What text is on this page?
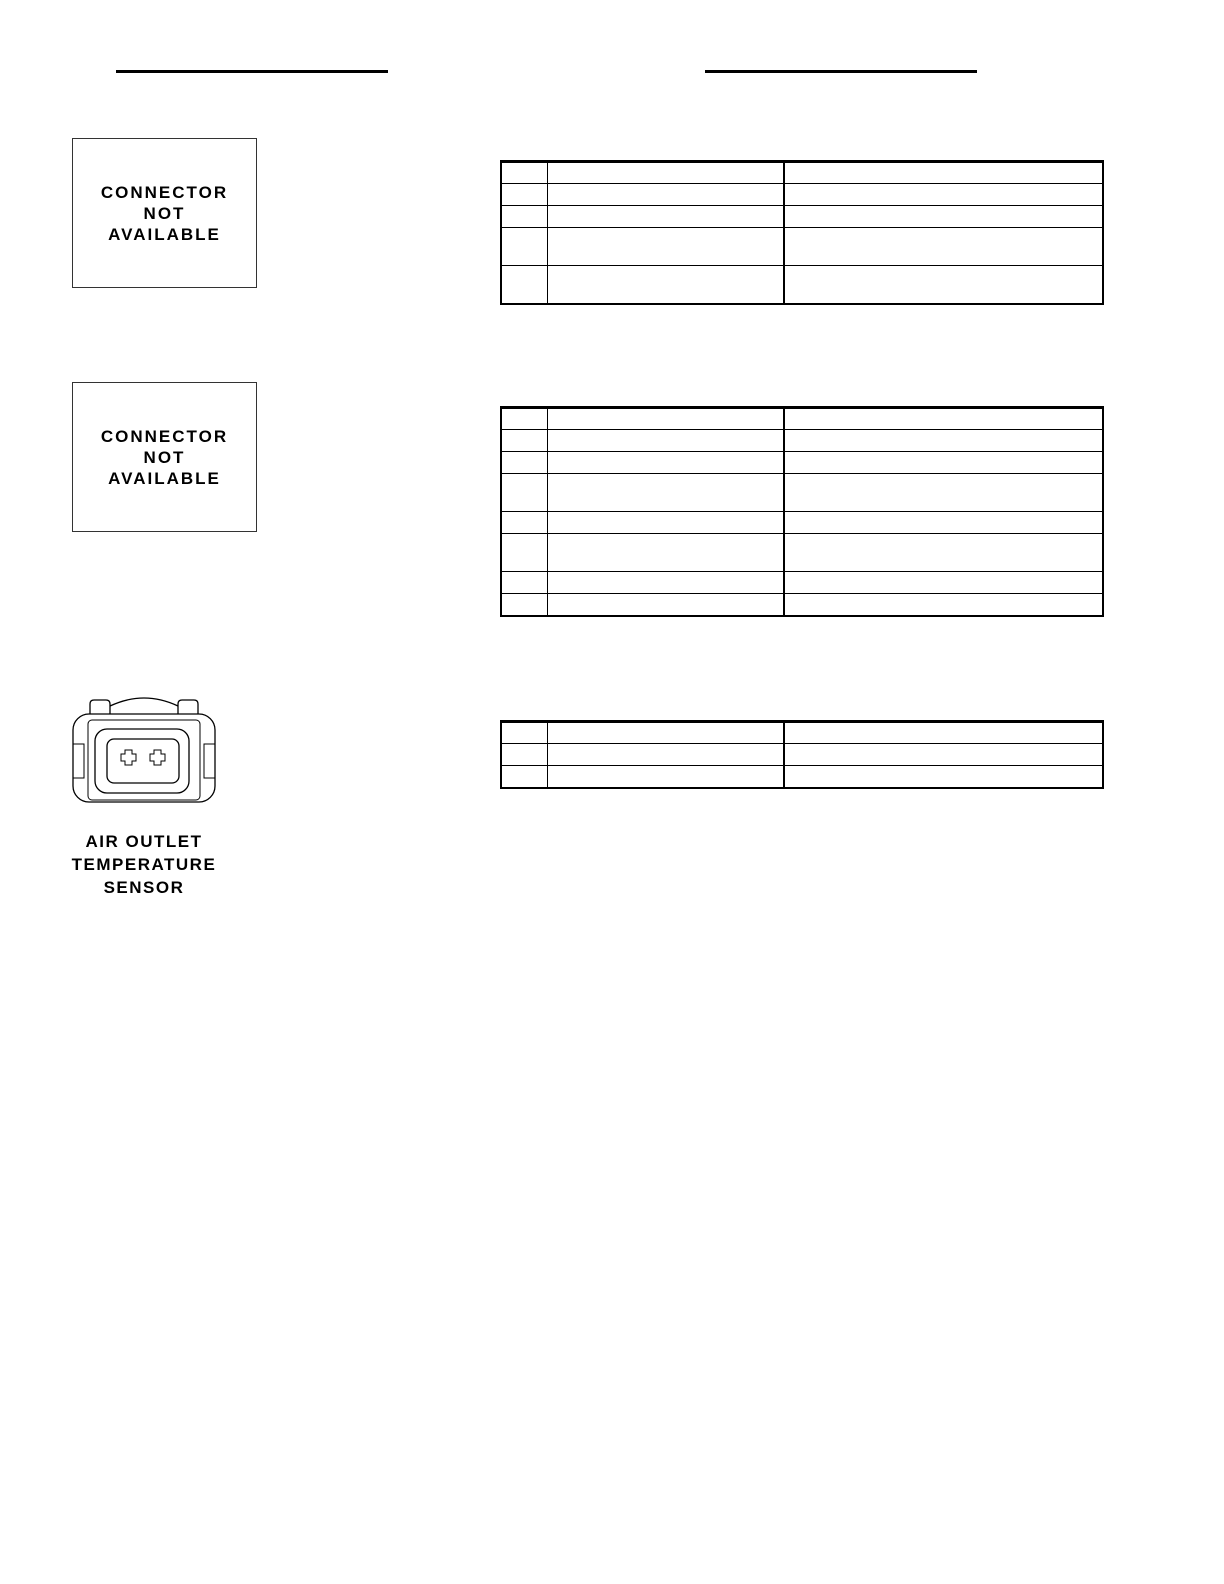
CONNECTOR
NOT
AVAILABLE

CONNECTOR
NOT
AVAILABLE

AIR OUTLET
TEMPERATURE
SENSOR
